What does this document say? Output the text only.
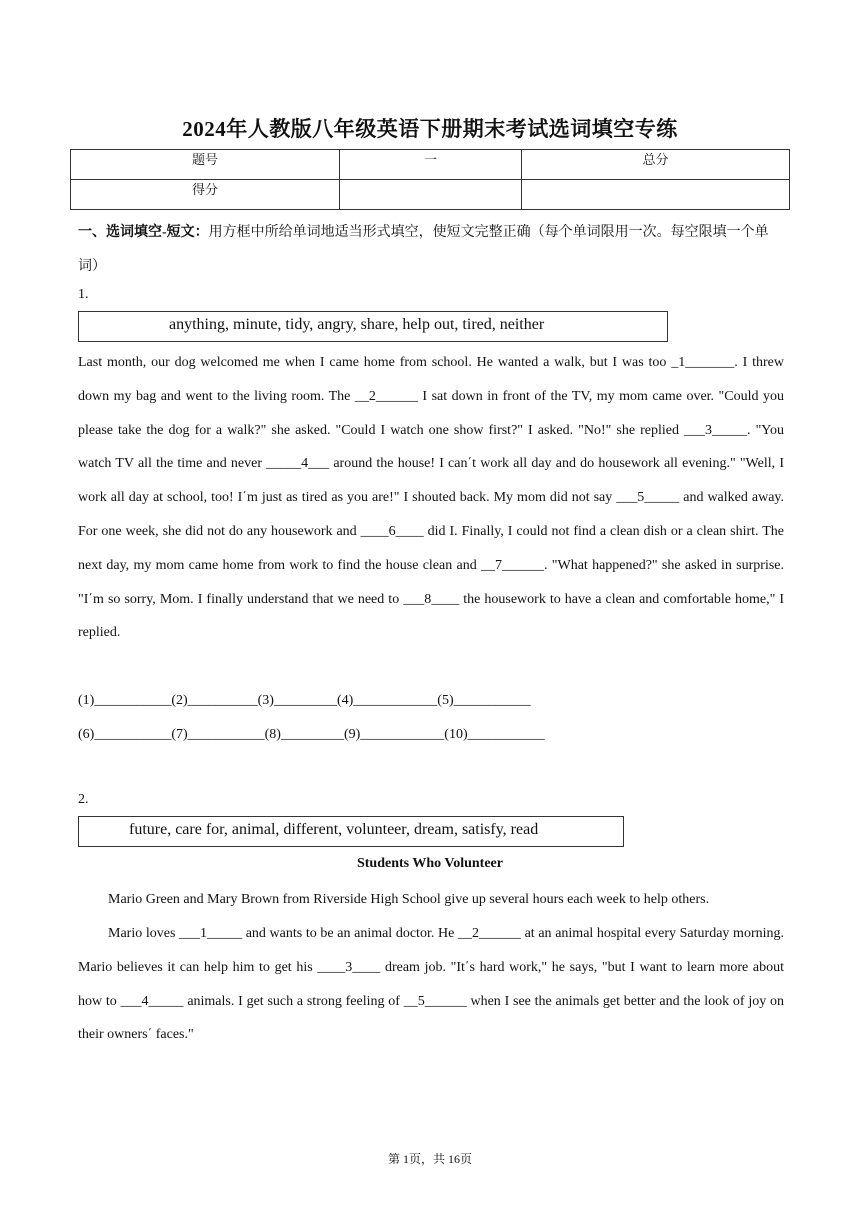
2024年人教版八年级英语下册期末考试选词填空专练
题号	一	总分
得分		
一、选词填空-短文：用方框中所给单词地适当形式填空，使短文完整正确（每个单词限用一次。每空限填一个单词）
1.
anything, minute, tidy, angry, share, help out, tired, neither
Last month, our dog welcomed me when I came home from school. He wanted a walk, but I was too _1_______. I threw down my bag and went to the living room. The __2______ I sat down in front of the TV, my mom came over. "Could you please take the dog for a walk?" she asked. "Could I watch one show first?" I asked. "No!" she replied ___3_____. "You watch TV all the time and never _____4___ around the house! I can΄t work all day and do housework all evening." "Well, I work all day at school, too! I΄m just as tired as you are!" I shouted back. My mom did not say ___5_____ and walked away. For one week, she did not do any housework and ____6____ did I. Finally, I could not find a clean dish or a clean shirt. The next day, my mom came home from work to find the house clean and __7______. "What happened?" she asked in surprise. "I΄m so sorry, Mom. I finally understand that we need to ___8____ the housework to have a clean and comfortable home," I replied.
(1)___________(2)__________(3)_________(4)____________(5)___________
(6)___________(7)___________(8)_________(9)____________(10)___________
2.
future, care for, animal, different, volunteer, dream, satisfy, read
Students Who Volunteer
Mario Green and Mary Brown from Riverside High School give up several hours each week to help others.
Mario loves ___1_____ and wants to be an animal doctor. He __2______ at an animal hospital every Saturday morning. Mario believes it can help him to get his ____3____ dream job. "It΄s hard work," he says, "but I want to learn more about how to ___4_____ animals. I get such a strong feeling of __5______ when I see the animals get better and the look of joy on their owners΄ faces."
第 1页，共 16页
